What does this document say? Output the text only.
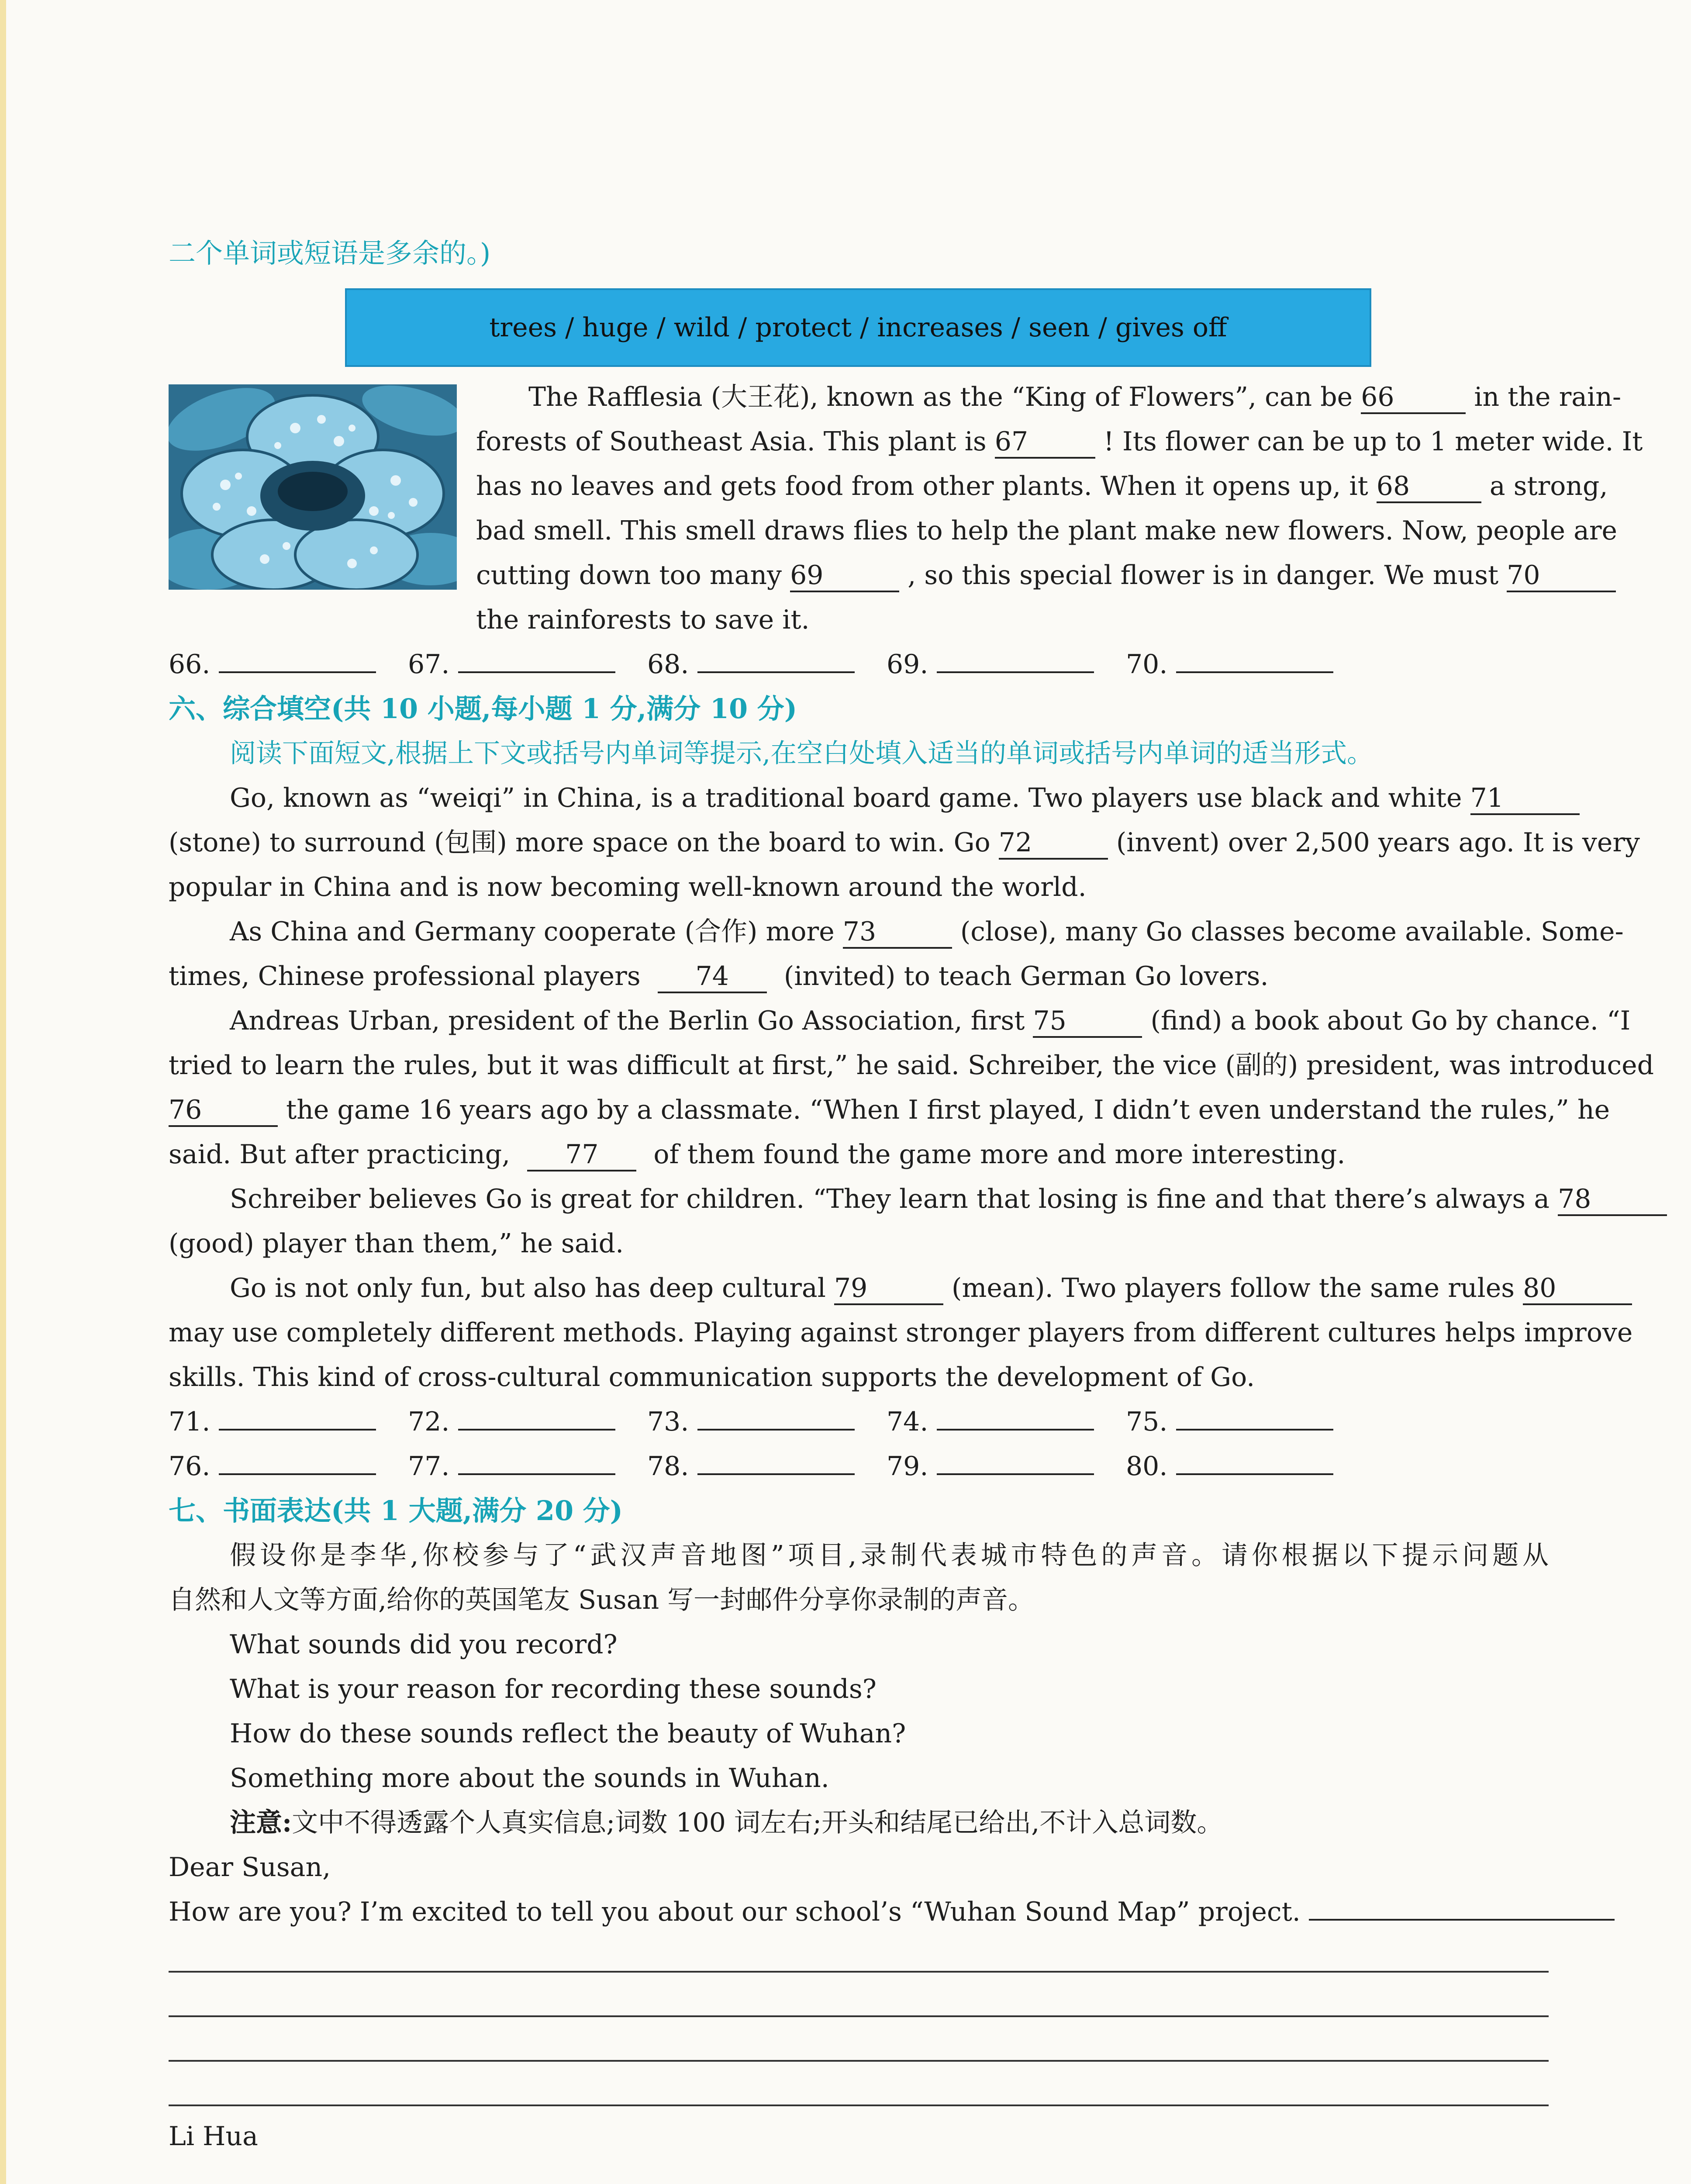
二个单词或短语是多余的。)
trees / huge / wild / protect / increases / seen / gives off
The Rafflesia (大王花), known as the “King of Flowers”, can be 66	in the rain-
forests of Southeast Asia. This plant is 67	! Its flower can be up to 1 meter wide. It
has no leaves and gets food from other plants. When it opens up, it 68	a strong,
bad smell. This smell draws flies to help the plant make new flowers. Now, people are
cutting down too many 69	, so this special flower is in danger. We must 70
the rainforests to save it.
66.	67.	68.	69.	70.
六、综合填空(共 10 小题,每小题 1 分,满分 10 分)
阅读下面短文,根据上下文或括号内单词等提示,在空白处填入适当的单词或括号内单词的适当形式。
Go, known as “weiqi” in China, is a traditional board game. Two players use black and white 71
(stone) to surround (包围) more space on the board to win. Go 72	(invent) over 2,500 years ago. It is very
popular in China and is now becoming well-known around the world.
As China and Germany cooperate (合作) more 73	(close), many Go classes become available. Some-
times, Chinese professional players 74 (invited) to teach German Go lovers.
Andreas Urban, president of the Berlin Go Association, first 75	(find) a book about Go by chance. “I
tried to learn the rules, but it was difficult at first,” he said. Schreiber, the vice (副的) president, was introduced
76	the game 16 years ago by a classmate. “When I first played, I didn’t even understand the rules,” he
said. But after practicing, 77 of them found the game more and more interesting.
Schreiber believes Go is great for children. “They learn that losing is fine and that there’s always a 78
(good) player than them,” he said.
Go is not only fun, but also has deep cultural 79	(mean). Two players follow the same rules 80
may use completely different methods. Playing against stronger players from different cultures helps improve
skills. This kind of cross-cultural communication supports the development of Go.
71.	72.	73.	74.	75.
76.	77.	78.	79.	80.
七、书面表达(共 1 大题,满分 20 分)
假设你是李华,你校参与了“武汉声音地图”项目,录制代表城市特色的声音。请你根据以下提示问题从
自然和人文等方面,给你的英国笔友 Susan 写一封邮件分享你录制的声音。
What sounds did you record?
What is your reason for recording these sounds?
How do these sounds reflect the beauty of Wuhan?
Something more about the sounds in Wuhan.
注意:文中不得透露个人真实信息;词数 100 词左右;开头和结尾已给出,不计入总词数。
Dear Susan,
How are you? I’m excited to tell you about our school’s “Wuhan Sound Map” project.
Li Hua
